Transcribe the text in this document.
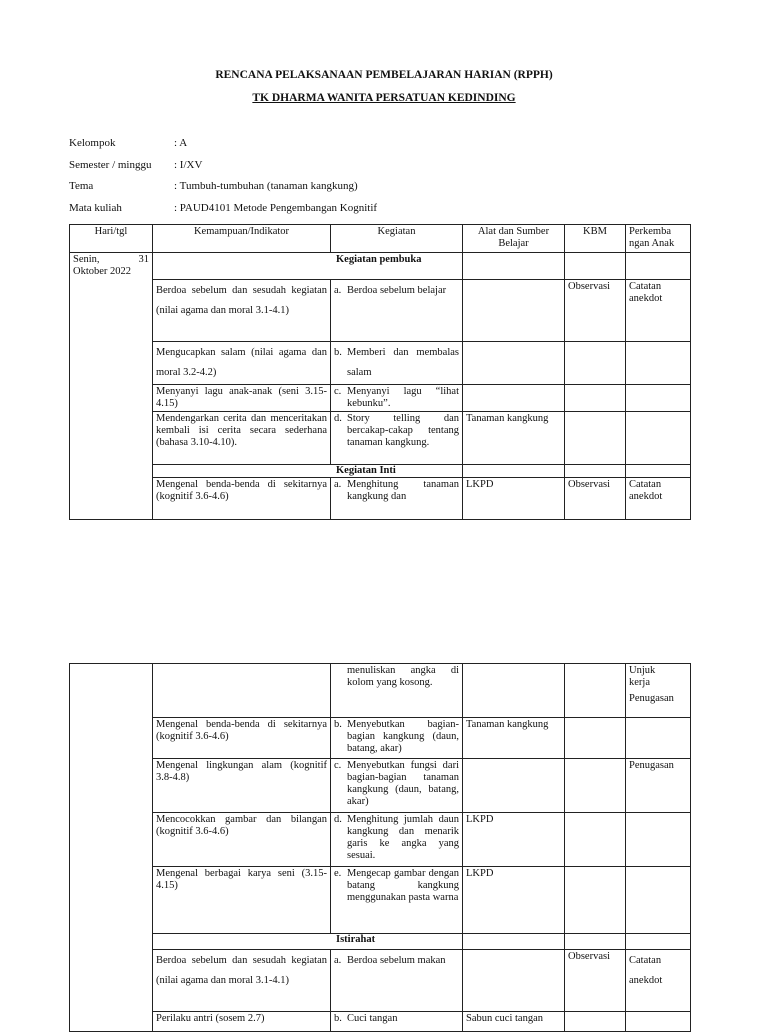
RENCANA PELAKSANAAN PEMBELAJARAN HARIAN (RPPH)
TK DHARMA WANITA PERSATUAN KEDINDING
Kelompok	: A
Semester / minggu : I/XV
Tema	: Tumbuh-tumbuhan (tanaman kangkung)
Mata kuliah	: PAUD4101 Metode Pengembangan Kognitif
Hari/tgl	Kemampuan/Indikator	Kegiatan	Alat dan Sumber Belajar	KBM	Perkemba
ngan Anak

Senin, 31
Oktober 2022	Kegiatan pembuka				

	Berdoa sebelum dan sesudah kegiatan (nilai agama dan moral 3.1-4.1)	a. Berdoa sebelum belajar		Observasi	Catatan anekdot
	Mengucapkan salam (nilai agama dan moral 3.2-4.2)	b. Memberi dan membalas salam			

	Menyanyi lagu anak-anak (seni 3.15-4.15)	c. Menyanyi lagu “lihat kebunku”.			

	Mendengarkan cerita dan menceritakan kembali isi cerita secara sederhana (bahasa 3.10-4.10).	d. Story telling dan bercakap-cakap tentang tanaman kangkung.	Tanaman kangkung		

	Kegiatan Inti				

	Mengenal benda-benda di sekitarnya (kognitif 3.6-4.6)	a. Menghitung tanaman kangkung dan	LKPD	Observasi	Catatan anekdot

		menuliskan angka di kolom yang kosong.			Unjuk kerja
Penugasan

	Mengenal benda-benda di sekitarnya (kognitif 3.6-4.6)	b. Menyebutkan bagian-bagian kangkung (daun, batang, akar)	Tanaman kangkung		
	Mengenal lingkungan alam (kognitif 3.8-4.8)	c. Menyebutkan fungsi dari bagian-bagian tanaman kangkung (daun, batang, akar)			Penugasan
	Mencocokkan gambar dan bilangan (kognitif 3.6-4.6)	d. Menghitung jumlah daun kangkung dan menarik garis ke angka yang sesuai.	LKPD		
	Mengenal berbagai karya seni (3.15-4.15)	e. Mengecap gambar dengan batang kangkung menggunakan pasta warna	LKPD		

	Istirahat				

	Berdoa sebelum dan sesudah kegiatan (nilai agama dan moral 3.1-4.1)	a. Berdoa sebelum makan		Observasi	Catatan anekdot
	Perilaku antri (sosem 2.7)	b. Cuci tangan	Sabun cuci tangan		
